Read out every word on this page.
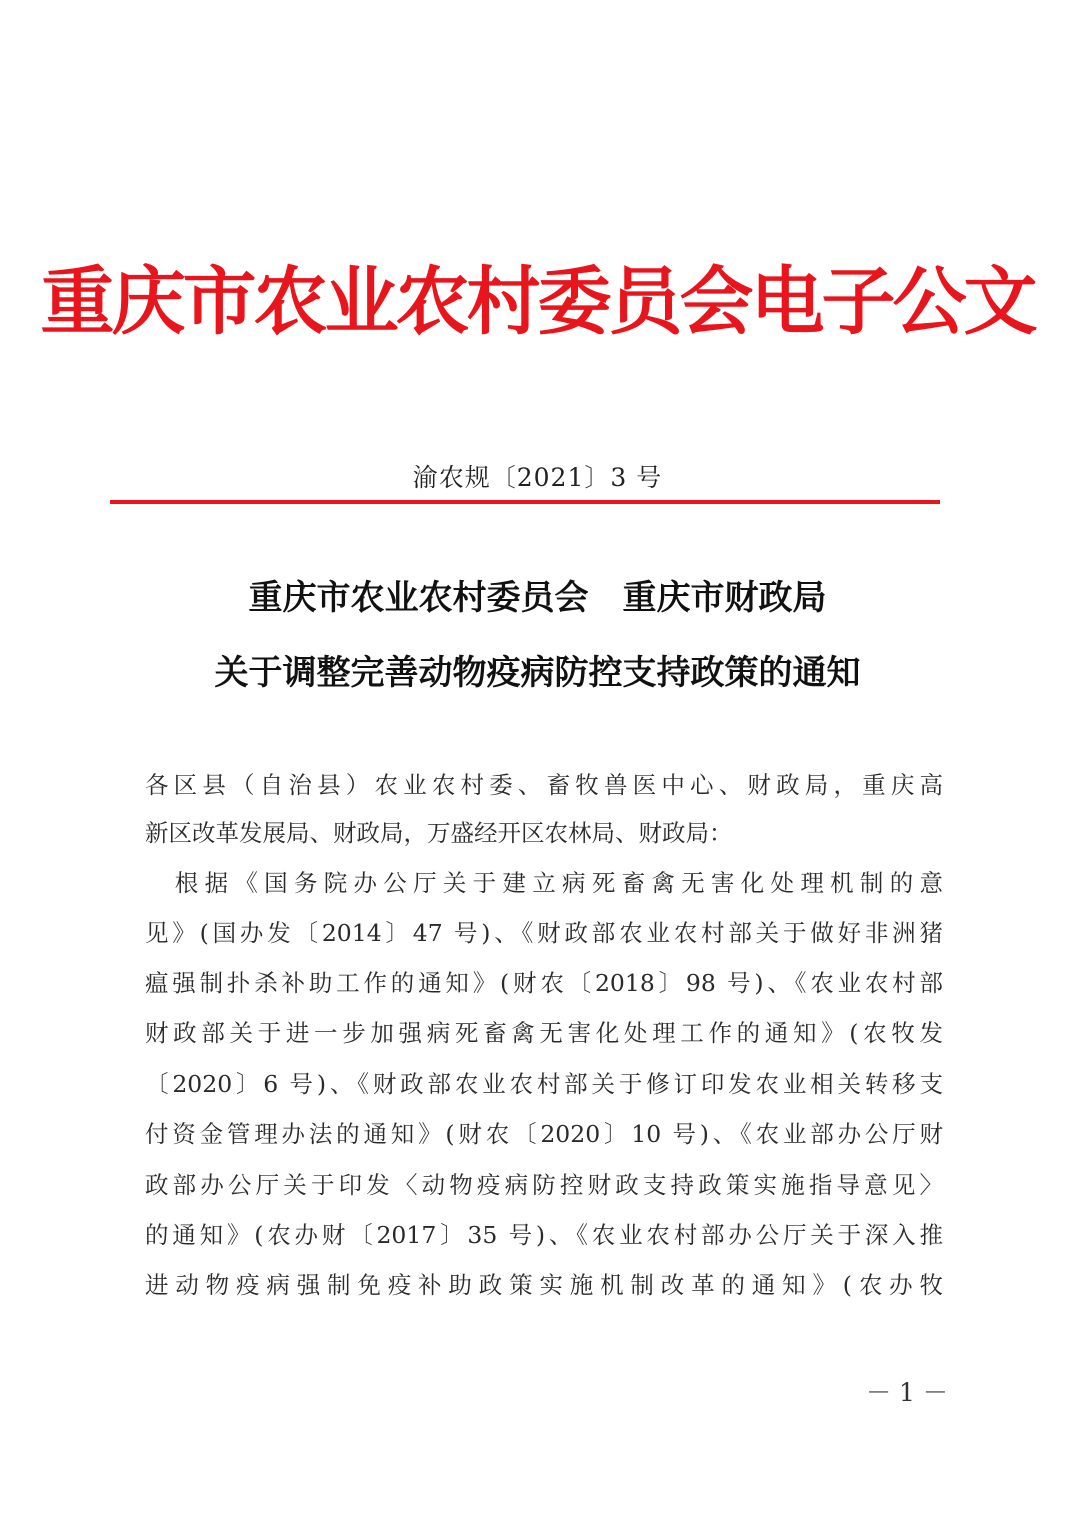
重庆市农业农村委员会电子公文
渝农规〔2021〕3 号
重庆市农业农村委员会　重庆市财政局
关于调整完善动物疫病防控支持政策的通知
各区县（自治县）农业农村委、畜牧兽医中心、财政局，重庆高
新区改革发展局、财政局，万盛经开区农林局、财政局：
　根据《国务院办公厅关于建立病死畜禽无害化处理机制的意
见》(国办发〔2014〕47 号)、《财政部农业农村部关于做好非洲猪
瘟强制扑杀补助工作的通知》(财农〔2018〕98 号)、《农业农村部
财政部关于进一步加强病死畜禽无害化处理工作的通知》(农牧发
〔2020〕6 号)、《财政部农业农村部关于修订印发农业相关转移支
付资金管理办法的通知》(财农〔2020〕10 号)、《农业部办公厅财
政部办公厅关于印发〈动物疫病防控财政支持政策实施指导意见〉
的通知》(农办财〔2017〕35 号)、《农业农村部办公厅关于深入推
进动物疫病强制免疫补助政策实施机制改革的通知》(农办牧
－ 1 －
